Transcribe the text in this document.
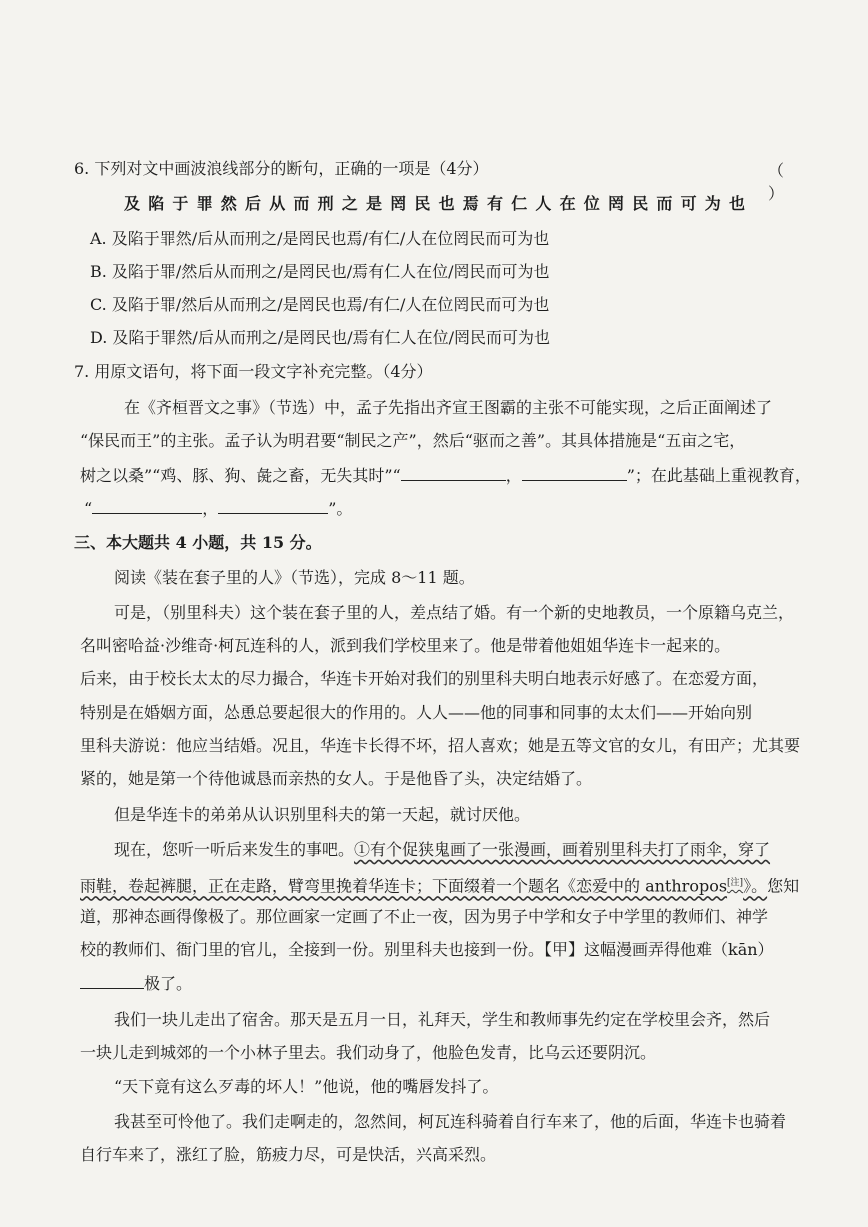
6. 下列对文中画波浪线部分的断句，正确的一项是（4分）	（ ）
及陷于罪然后从而刑之是罔民也焉有仁人在位罔民而可为也
A. 及陷于罪然/后从而刑之/是罔民也焉/有仁/人在位罔民而可为也
B. 及陷于罪/然后从而刑之/是罔民也/焉有仁人在位/罔民而可为也
C. 及陷于罪/然后从而刑之/是罔民也焉/有仁/人在位罔民而可为也
D. 及陷于罪然/后从而刑之/是罔民也/焉有仁人在位/罔民而可为也
7. 用原文语句，将下面一段文字补充完整。（4分）
在《齐桓晋文之事》（节选）中，孟子先指出齐宣王图霸的主张不可能实现，之后正面阐述了
“保民而王”的主张。孟子认为明君要“制民之产”，然后“驱而之善”。其具体措施是“五亩之宅，
树之以桑”“鸡、豚、狗、彘之畜，无失其时”“	，	”；在此基础上重视教育，
“	，	”。
三、本大题共 4 小题，共 15 分。
阅读《装在套子里的人》（节选），完成 8～11 题。
可是，（别里科夫）这个装在套子里的人，差点结了婚。有一个新的史地教员，一个原籍乌克兰，
名叫密哈益·沙维奇·柯瓦连科的人，派到我们学校里来了。他是带着他姐姐华连卡一起来的。
后来，由于校长太太的尽力撮合，华连卡开始对我们的别里科夫明白地表示好感了。在恋爱方面，
特别是在婚姻方面，怂恿总要起很大的作用的。人人——他的同事和同事的太太们——开始向别
里科夫游说：他应当结婚。况且，华连卡长得不坏，招人喜欢；她是五等文官的女儿，有田产；尤其要
紧的，她是第一个待他诚恳而亲热的女人。于是他昏了头，决定结婚了。
但是华连卡的弟弟从认识别里科夫的第一天起，就讨厌他。
现在，您听一听后来发生的事吧。①有个促狭鬼画了一张漫画，画着别里科夫打了雨伞，穿了
雨鞋，卷起裤腿，正在走路，臂弯里挽着华连卡；下面缀着一个题名《恋爱中的 anthropos[注]》。您知
道，那神态画得像极了。那位画家一定画了不止一夜，因为男子中学和女子中学里的教师们、神学
校的教师们、衙门里的官儿，全接到一份。别里科夫也接到一份。【甲】这幅漫画弄得他难（kān）
极了。
我们一块儿走出了宿舍。那天是五月一日，礼拜天，学生和教师事先约定在学校里会齐，然后
一块儿走到城郊的一个小林子里去。我们动身了，他脸色发青，比乌云还要阴沉。
“天下竟有这么歹毒的坏人！”他说，他的嘴唇发抖了。
我甚至可怜他了。我们走啊走的，忽然间，柯瓦连科骑着自行车来了，他的后面，华连卡也骑着
自行车来了，涨红了脸，筋疲力尽，可是快活，兴高采烈。
